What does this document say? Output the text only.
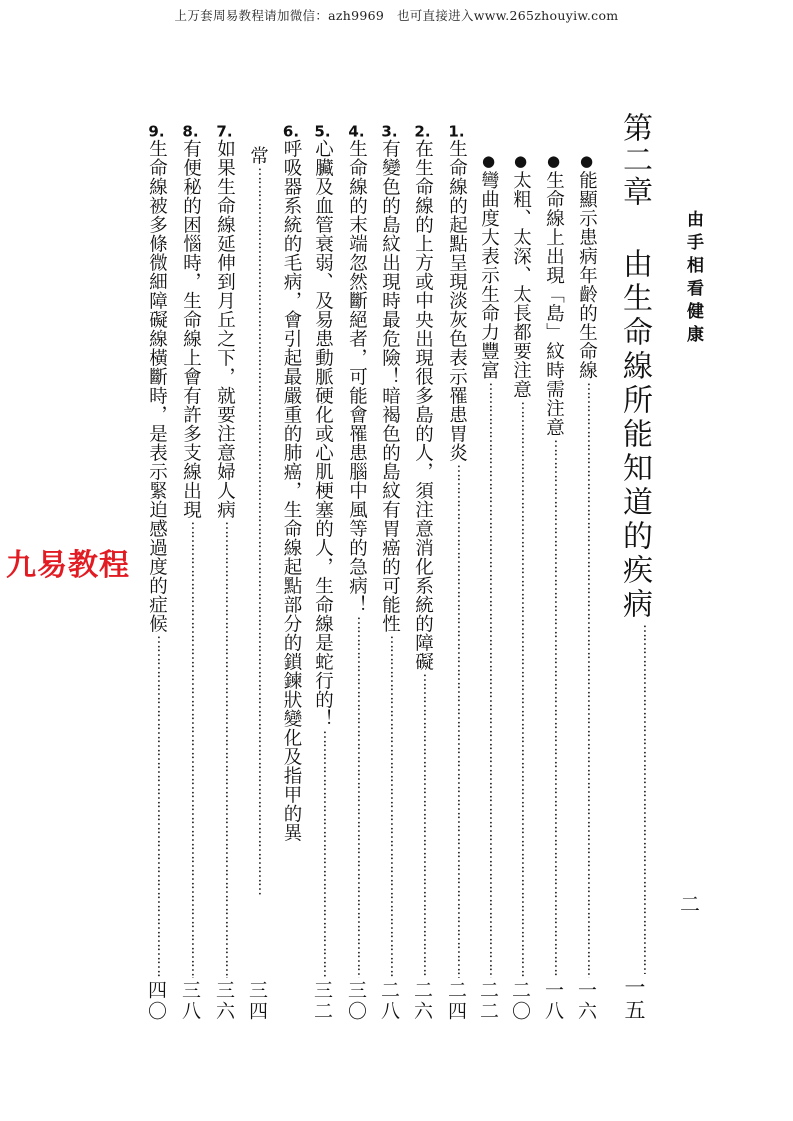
上万套周易教程请加微信：azh9969　也可直接进入www.265zhouyiw.com
由手相看健康
二
第二章由生命線所能知道的疾病
……………………………………………………………………………………………………………………………………………………
一五
●能顯示患病年齡的生命線
……………………………………………………………………………………………………………………………………………………
一六
●生命線上出現「島」紋時需注意
……………………………………………………………………………………………………………………………………………………
一八
●太粗、太深、太長都要注意
……………………………………………………………………………………………………………………………………………………
二〇
●彎曲度大表示生命力豐富
……………………………………………………………………………………………………………………………………………………
二二
1.生命線的起點呈現淡灰色表示罹患胃炎
……………………………………………………………………………………………………………………………………………………
二四
2.在生命線的上方或中央出現很多島的人，須注意消化系統的障礙
……………………………………………………………………………………………………………………………………………………
二六
3.有變色的島紋出現時最危險！暗褐色的島紋有胃癌的可能性
……………………………………………………………………………………………………………………………………………………
二八
4.生命線的末端忽然斷絕者，可能會罹患腦中風等的急病！
……………………………………………………………………………………………………………………………………………………
三〇
5.心臟及血管衰弱、及易患動脈硬化或心肌梗塞的人，生命線是蛇行的！
……………………………………………………………………………………………………………………………………………………
三二
6.呼吸器系統的毛病，會引起最嚴重的肺癌，生命線起點部分的鎖鍊狀變化及指甲的異
常
……………………………………………………………………………………………………………………………………………………
三四
7.如果生命線延伸到月丘之下，就要注意婦人病
……………………………………………………………………………………………………………………………………………………
三六
8.有便秘的困惱時，生命線上會有許多支線出現
……………………………………………………………………………………………………………………………………………………
三八
9.生命線被多條微細障礙線橫斷時，是表示緊迫感過度的症候
……………………………………………………………………………………………………………………………………………………
四〇
九易教程
